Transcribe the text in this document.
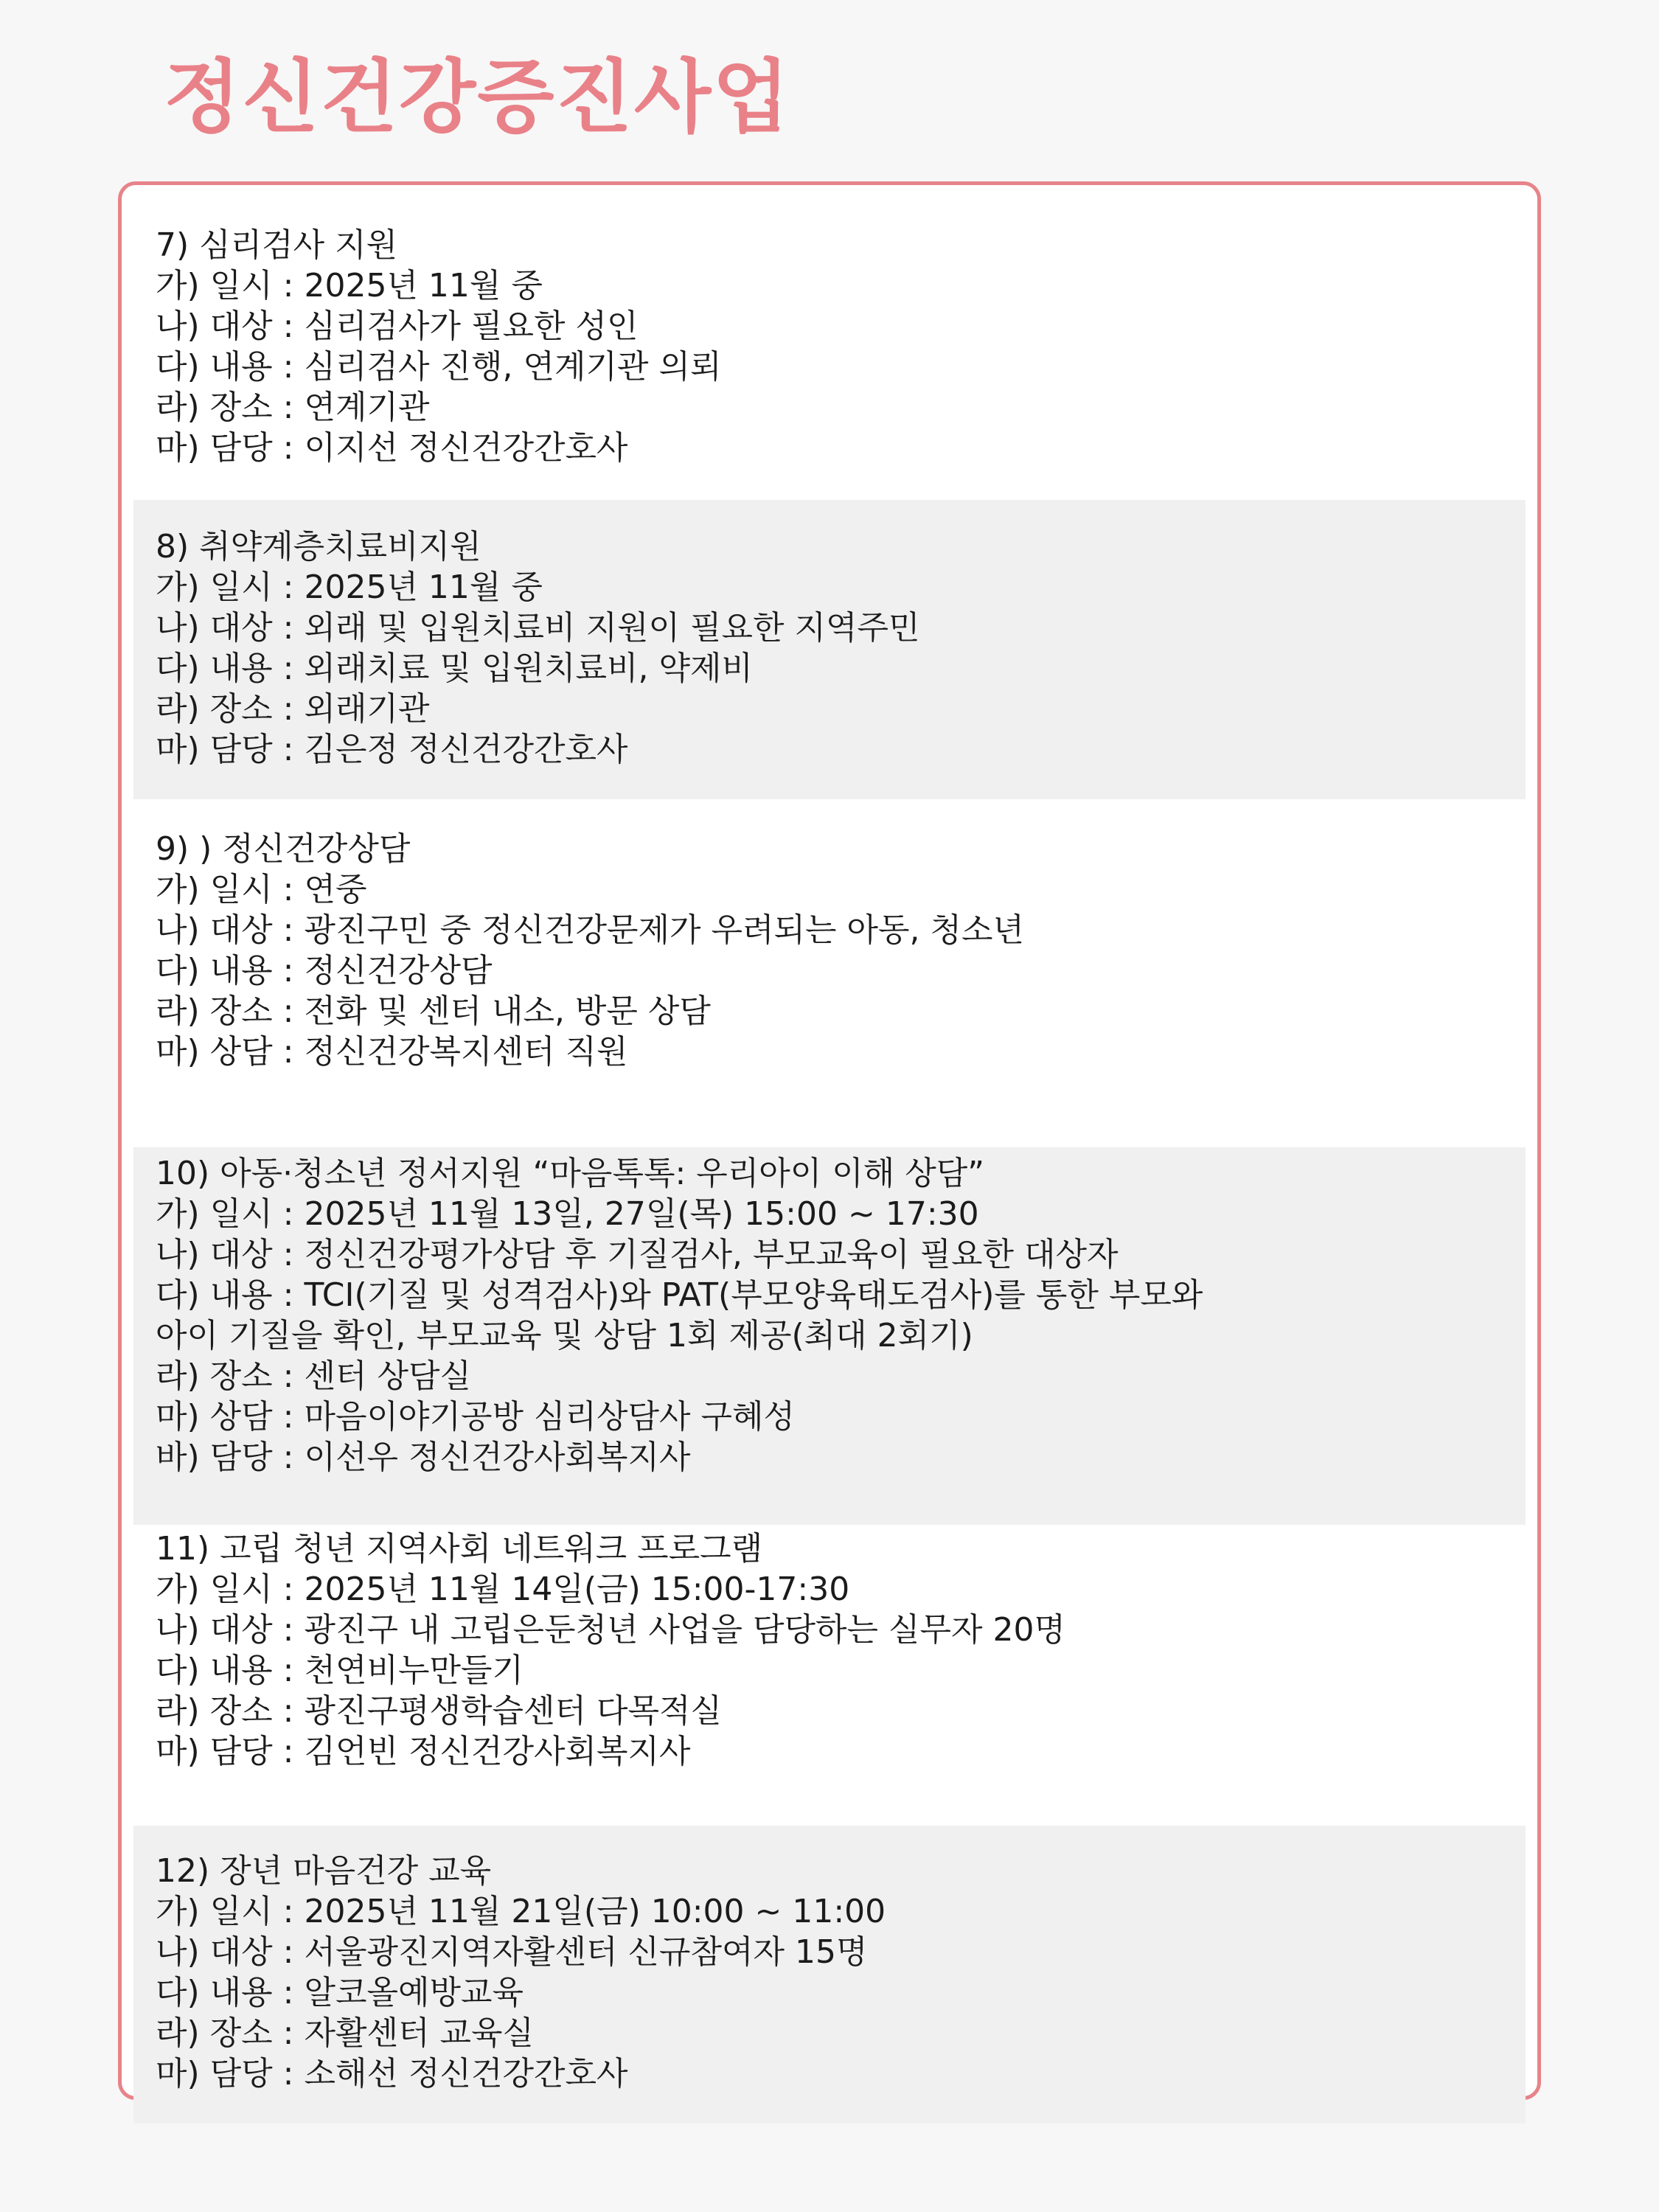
정신건강증진사업
7) 심리검사 지원
가) 일시 : 2025년 11월 중
나) 대상 : 심리검사가 필요한 성인
다) 내용 : 심리검사 진행, 연계기관 의뢰
라) 장소 : 연계기관
마) 담당 : 이지선 정신건강간호사
8) 취약계층치료비지원
가) 일시 : 2025년 11월 중
나) 대상 : 외래 및 입원치료비 지원이 필요한 지역주민
다) 내용 : 외래치료 및 입원치료비, 약제비
라) 장소 : 외래기관
마) 담당 : 김은정 정신건강간호사
9) ) 정신건강상담
가) 일시 : 연중
나) 대상 : 광진구민 중 정신건강문제가 우려되는 아동, 청소년
다) 내용 : 정신건강상담
라) 장소 : 전화 및 센터 내소, 방문 상담
마) 상담 : 정신건강복지센터 직원
10) 아동·청소년 정서지원 “마음톡톡: 우리아이 이해 상담”
가) 일시 : 2025년 11월 13일, 27일(목) 15:00 ~ 17:30
나) 대상 : 정신건강평가상담 후 기질검사, 부모교육이 필요한 대상자
다) 내용 : TCI(기질 및 성격검사)와 PAT(부모양육태도검사)를 통한 부모와
아이 기질을 확인, 부모교육 및 상담 1회 제공(최대 2회기)
라) 장소 : 센터 상담실
마) 상담 : 마음이야기공방 심리상담사 구혜성
바) 담당 : 이선우 정신건강사회복지사
11) 고립 청년 지역사회 네트워크 프로그램
가) 일시 : 2025년 11월 14일(금) 15:00-17:30
나) 대상 : 광진구 내 고립은둔청년 사업을 담당하는 실무자 20명
다) 내용 : 천연비누만들기
라) 장소 : 광진구평생학습센터 다목적실
마) 담당 : 김언빈 정신건강사회복지사
12) 장년 마음건강 교육
가) 일시 : 2025년 11월 21일(금) 10:00 ~ 11:00
나) 대상 : 서울광진지역자활센터 신규참여자 15명
다) 내용 : 알코올예방교육
라) 장소 : 자활센터 교육실
마) 담당 : 소해선 정신건강간호사
